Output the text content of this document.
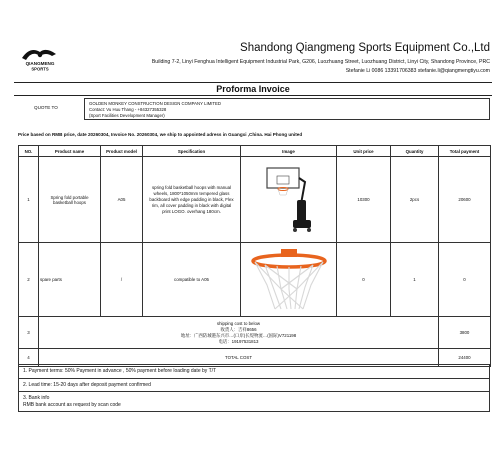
QIANGMENG
SPORTS
Shandong Qiangmeng Sports Equipment Co.,Ltd
Building 7-2, Linyi Fenghua Intelligent Equipment Industrial Park, G206, Luozhuang Street, Luozhuang District, Linyi City, Shandong Province, PRC
Stefanie Li 0086 13391706383 stefanie.li@qiangmengtiyu.com
Proforma Invoice
QUOTE TO
GOLDEN MONKEY CONSTRUCTION DESIGN COMPANY LIMITED
Contact: Vu Huu Thang - +84327355328
(Sport Facilities Development Manager)
Price based on RMB price, date 20260304, Invoice No. 20260304, we ship to appointed adress in Guangxi ,China. Hai Phong united
NO.	Product name	Product model	Specification	Image	Unit price	Quantity	Total payment
1	Spring fold portable basketball hoops	A05	spring fold basketball hoops with manual wheels, 1800*1050mm tempered glass backboard with edge padding in black, Flex rim, all cover padding in black with digital print LOGO. overhang 180cm.		10300	2pcs	20600
2	spare parts	/	compatible to A05		0	1	0
3	shipping cost to below
收货人：吉祥8656
地址：广西防城港东兴市…(口岸)长堤物流…(国际)V721198
电话：19197531813						3800
4	TOTAL COST						24400
1. Payment terms: 50% Payment in advance , 50% payment before loading date by T/T
2. Lead time: 15-20 days after deposit payment confirmed
3. Bank info
RMB bank account as request by scan code
